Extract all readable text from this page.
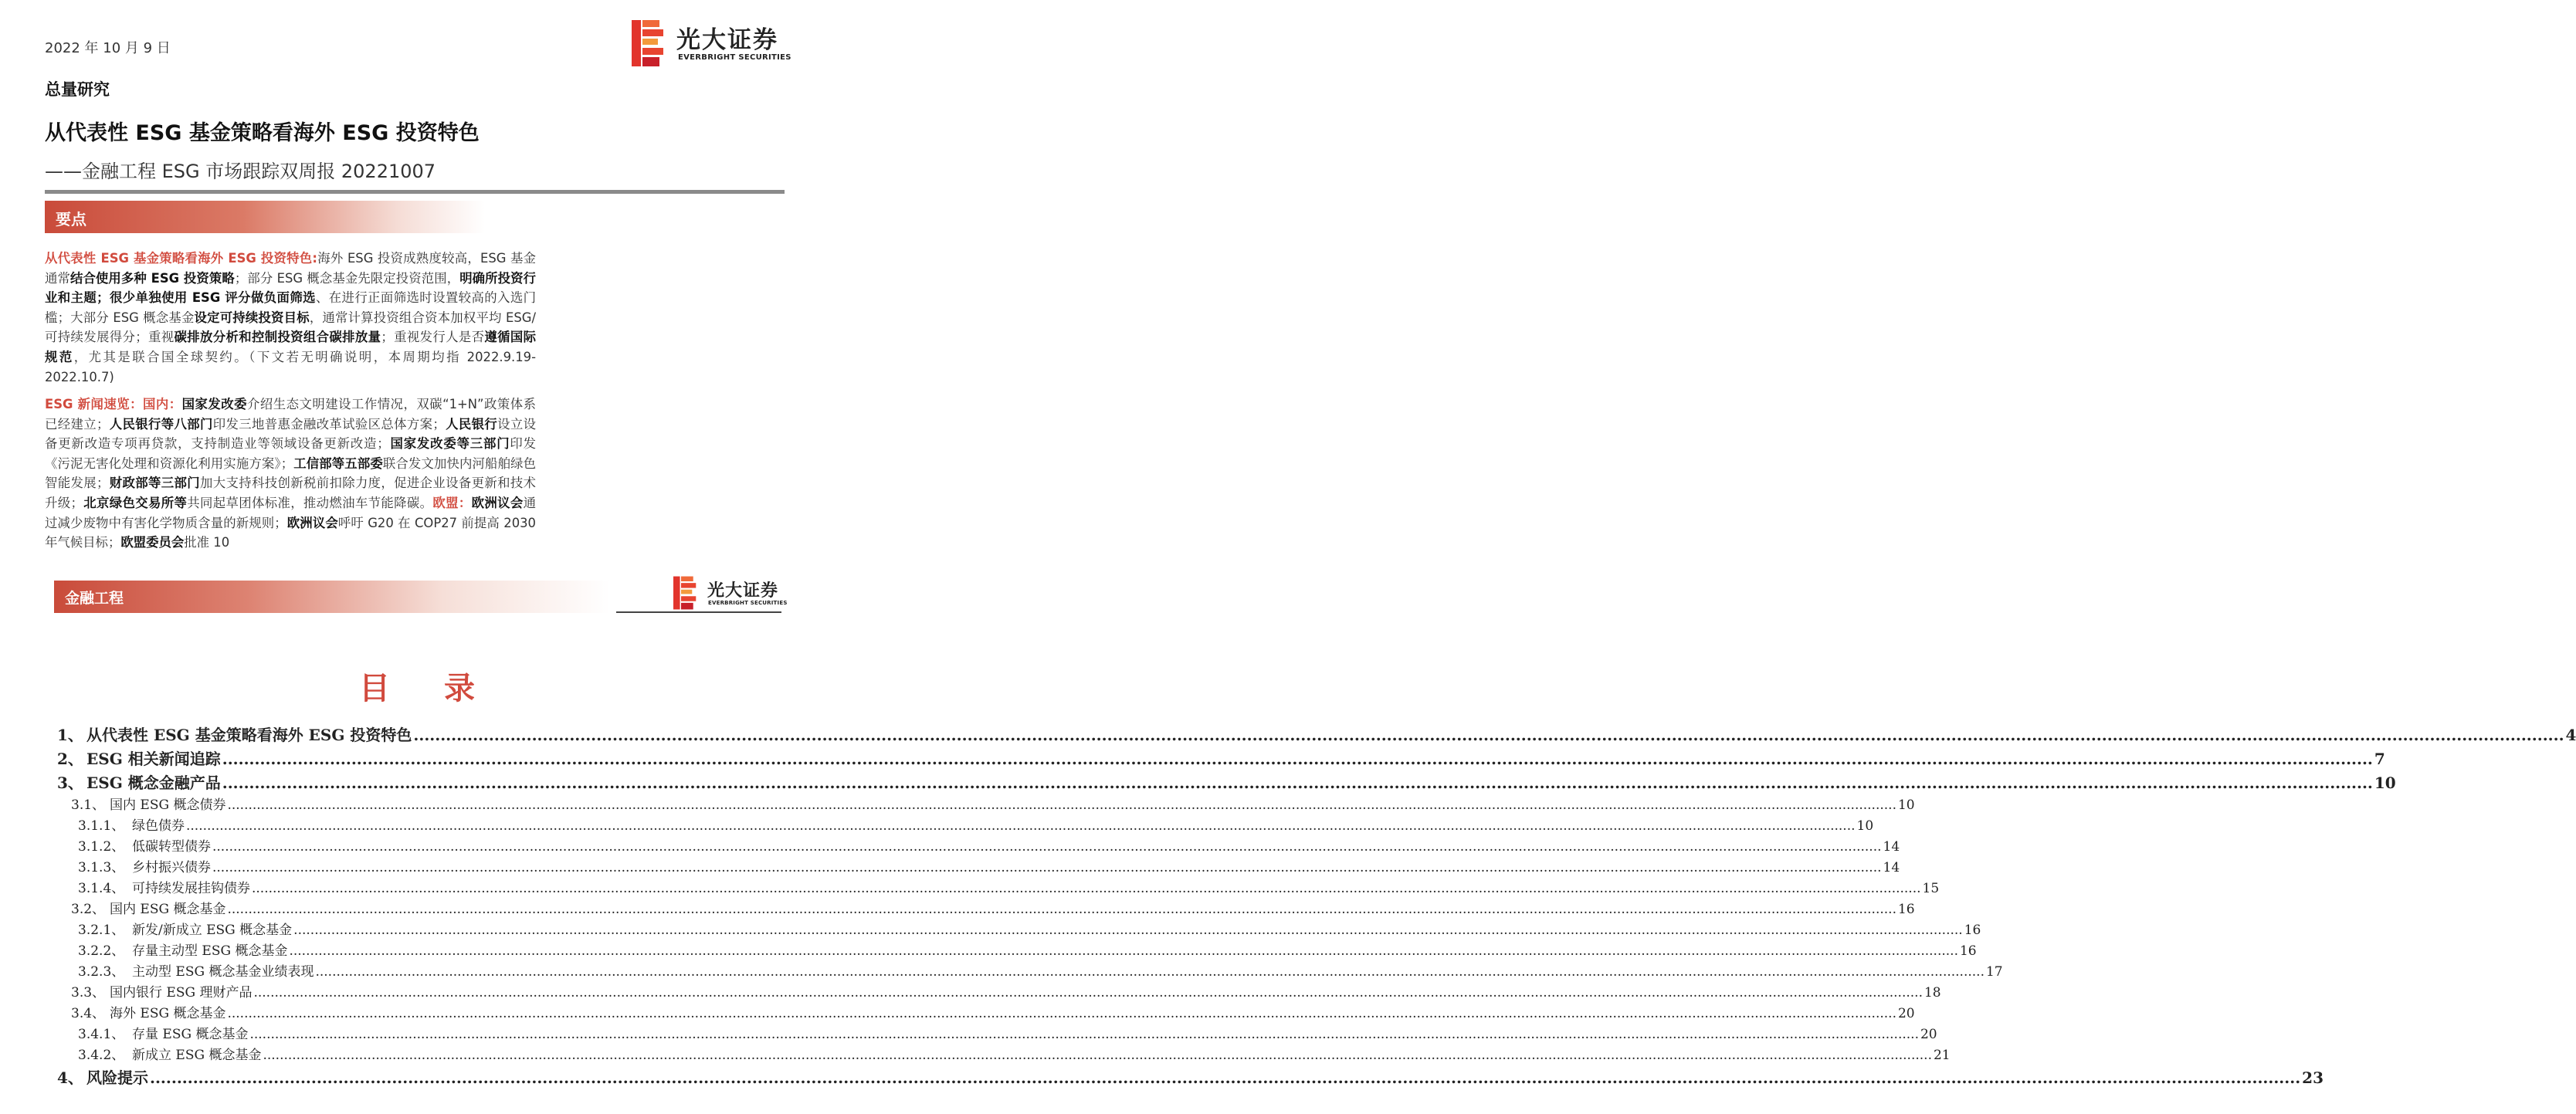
2022 年 10 月 9 日	光大证券
EVERBRIGHT SECURITIES
总量研究
从代表性 ESG 基金策略看海外 ESG 投资特色
——金融工程 ESG 市场跟踪双周报 20221007
要点
从代表性 ESG 基金策略看海外 ESG 投资特色:海外 ESG 投资成熟度较高，ESG 基金通常结合使用多种 ESG 投资策略；部分 ESG 概念基金先限定投资范围，明确所投资行业和主题；很少单独使用 ESG 评分做负面筛选、在进行正面筛选时设置较高的入选门槛；大部分 ESG 概念基金设定可持续投资目标，通常计算投资组合资本加权平均 ESG/可持续发展得分；重视碳排放分析和控制投资组合碳排放量；重视发行人是否遵循国际规范，尤其是联合国全球契约。（下文若无明确说明，本周期均指 2022.9.19-2022.10.7)
ESG 新闻速览：国内：国家发改委介绍生态文明建设工作情况，双碳“1+N”政策体系已经建立；人民银行等八部门印发三地普惠金融改革试验区总体方案；人民银行设立设备更新改造专项再贷款，支持制造业等领域设备更新改造；国家发改委等三部门印发《污泥无害化处理和资源化利用实施方案》；工信部等五部委联合发文加快内河船舶绿色智能发展；财政部等三部门加大支持科技创新税前扣除力度，促进企业设备更新和技术升级；北京绿色交易所等共同起草团体标准，推动燃油车节能降碳。欧盟：欧洲议会通过减少废物中有害化学物质含量的新规则；欧洲议会呼吁 G20 在 COP27 前提高 2030 年气候目标；欧盟委员会批准 10
金融工程	光大证券
EVERBRIGHT SECURITIES
目 录
1、 从代表性 ESG 基金策略看海外 ESG 投资特色 ................................................................................................................................................................................................................................................................................................................................................................................................................ 4
2、 ESG 相关新闻追踪 ................................................................................................................................................................................................................................................................................................................................................................................................................ 7
3、 ESG 概念金融产品 ................................................................................................................................................................................................................................................................................................................................................................................................................ 10
3.1、 国内 ESG 概念债券 ................................................................................................................................................................................................................................................................................................................................................................................................................ 10
3.1.1、 绿色债券 ................................................................................................................................................................................................................................................................................................................................................................................................................ 10
3.1.2、 低碳转型债券 ................................................................................................................................................................................................................................................................................................................................................................................................................ 14
3.1.3、 乡村振兴债券 ................................................................................................................................................................................................................................................................................................................................................................................................................ 14
3.1.4、 可持续发展挂钩债券 ................................................................................................................................................................................................................................................................................................................................................................................................................ 15
3.2、 国内 ESG 概念基金 ................................................................................................................................................................................................................................................................................................................................................................................................................ 16
3.2.1、 新发/新成立 ESG 概念基金 ................................................................................................................................................................................................................................................................................................................................................................................................................ 16
3.2.2、 存量主动型 ESG 概念基金 ................................................................................................................................................................................................................................................................................................................................................................................................................ 16
3.2.3、 主动型 ESG 概念基金业绩表现 ................................................................................................................................................................................................................................................................................................................................................................................................................ 17
3.3、 国内银行 ESG 理财产品 ................................................................................................................................................................................................................................................................................................................................................................................................................ 18
3.4、 海外 ESG 概念基金 ................................................................................................................................................................................................................................................................................................................................................................................................................ 20
3.4.1、 存量 ESG 概念基金 ................................................................................................................................................................................................................................................................................................................................................................................................................ 20
3.4.2、 新成立 ESG 概念基金 ................................................................................................................................................................................................................................................................................................................................................................................................................ 21
4、 风险提示 ................................................................................................................................................................................................................................................................................................................................................................................................................ 23
